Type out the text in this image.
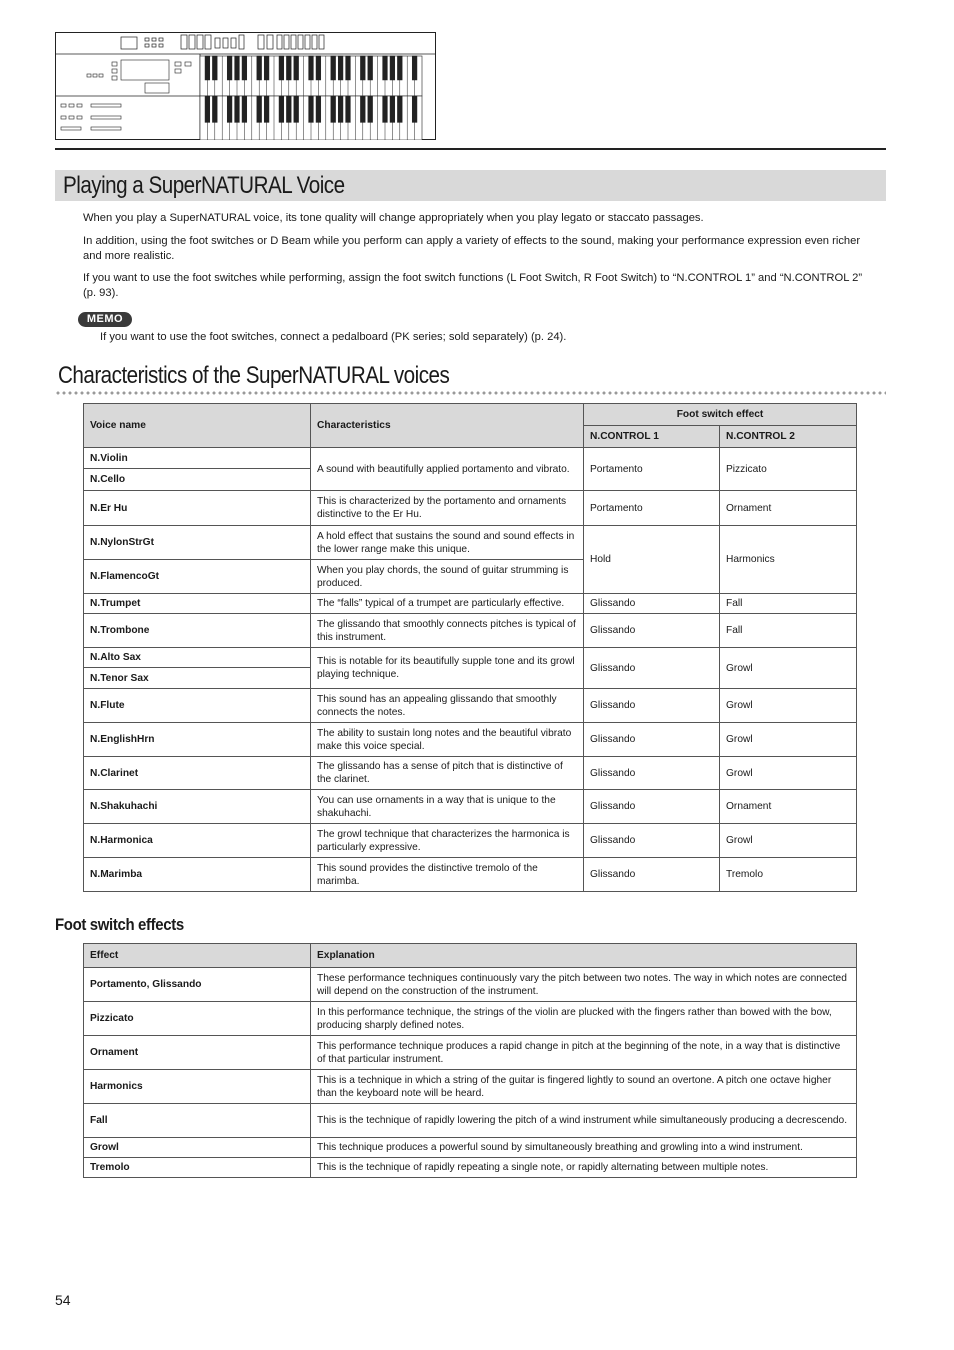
Playing a SuperNATURAL Voice

When you play a SuperNATURAL voice, its tone quality will change appropriately when you play legato or staccato passages.

In addition, using the foot switches or D Beam while you perform can apply a variety of effects to the sound, making your performance expression even richer and more realistic.

If you want to use the foot switches while performing, assign the foot switch functions (L Foot Switch, R Foot Switch) to “N.CONTROL 1” and “N.CONTROL 2” (p. 93).

MEMO

If you want to use the foot switches, connect a pedalboard (PK series; sold separately) (p. 24).

Characteristics of the SuperNATURAL voices
Voice name	Characteristics	Foot switch effect	
		N.CONTROL 1	N.CONTROL 2
N.Violin	A sound with beautifully applied portamento and vibrato.	Portamento	Pizzicato
N.Cello			
N.Er Hu	This is characterized by the portamento and ornaments distinctive to the Er Hu.	Portamento	Ornament
N.NylonStrGt	A hold effect that sustains the sound and sound effects in the lower range make this unique.	Hold	Harmonics
N.FlamencoGt	When you play chords, the sound of guitar strumming is produced.		
N.Trumpet	The “falls” typical of a trumpet are particularly effective.	Glissando	Fall
N.Trombone	The glissando that smoothly connects pitches is typical of this instrument.	Glissando	Fall
N.Alto Sax	This is notable for its beautifully supple tone and its growl playing technique.	Glissando	Growl
N.Tenor Sax			
N.Flute	This sound has an appealing glissando that smoothly connects the notes.	Glissando	Growl
N.EnglishHrn	The ability to sustain long notes and the beautiful vibrato make this voice special.	Glissando	Growl
N.Clarinet	The glissando has a sense of pitch that is distinctive of the clarinet.	Glissando	Growl
N.Shakuhachi	You can use ornaments in a way that is unique to the shakuhachi.	Glissando	Ornament
N.Harmonica	The growl technique that characterizes the harmonica is particularly expressive.	Glissando	Growl
N.Marimba	This sound provides the distinctive tremolo of the marimba.	Glissando	Tremolo
Foot switch effects
Effect	Explanation
Portamento, Glissando	These performance techniques continuously vary the pitch between two notes. The way in which notes are connected will depend on the construction of the instrument.
Pizzicato	In this performance technique, the strings of the violin are plucked with the fingers rather than bowed with the bow, producing sharply defined notes.
Ornament	This performance technique produces a rapid change in pitch at the beginning of the note, in a way that is distinctive of that particular instrument.
Harmonics	This is a technique in which a string of the guitar is fingered lightly to sound an overtone. A pitch one octave higher than the keyboard note will be heard.
Fall	This is the technique of rapidly lowering the pitch of a wind instrument while simultaneously producing a decrescendo.
Growl	This technique produces a powerful sound by simultaneously breathing and growling into a wind instrument.
Tremolo	This is the technique of rapidly repeating a single note, or rapidly alternating between multiple notes.
54
